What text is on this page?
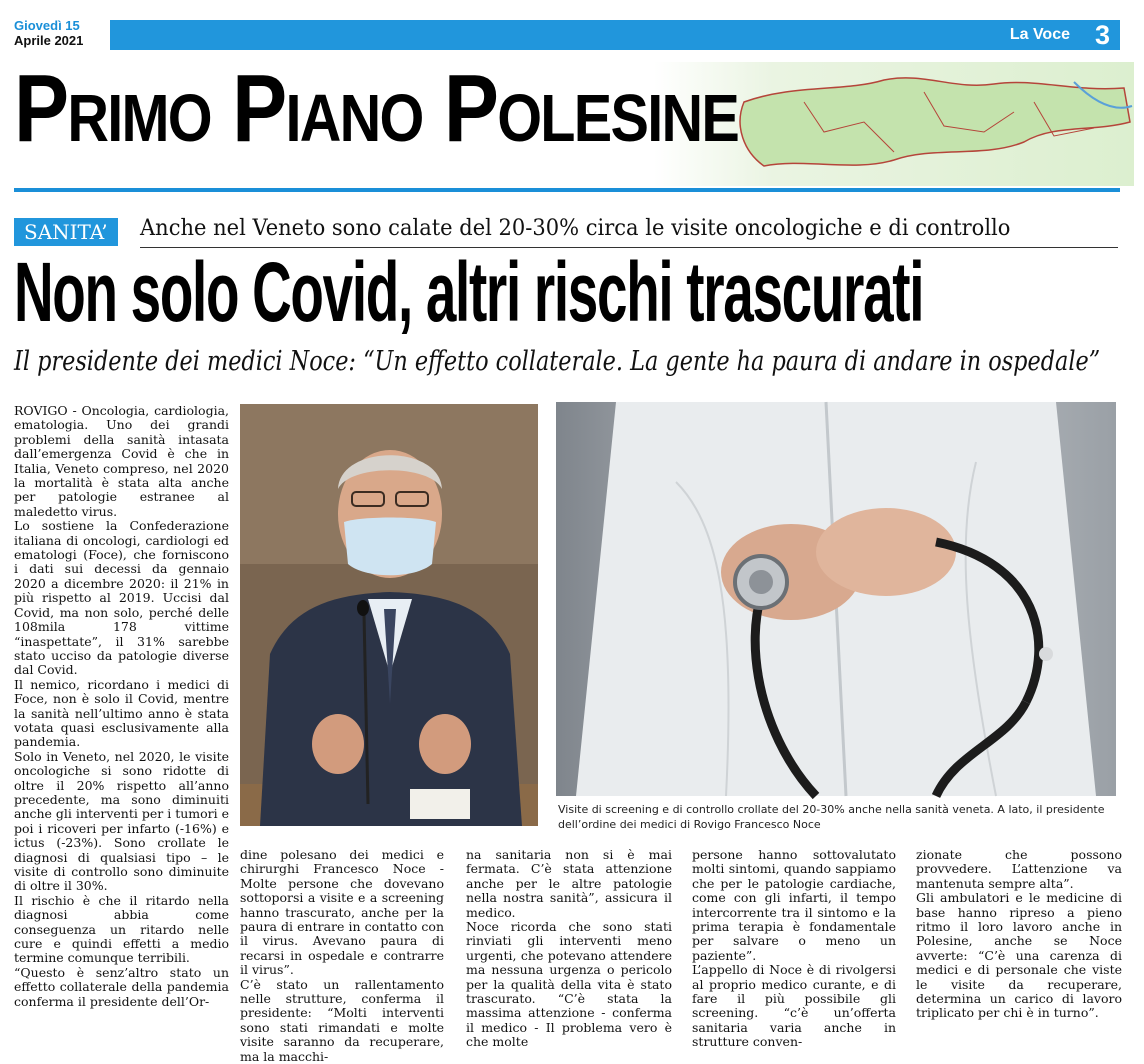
Giovedì 15
Aprile 2021	La Voce 3
Primo Piano Polesine
SANITA’	Anche nel Veneto sono calate del 20-30% circa le visite oncologiche e di controllo
Non solo Covid, altri rischi trascurati
Il presidente dei medici Noce: “Un effetto collaterale. La gente ha paura di andare in ospedale”

ROVIGO - Oncologia, cardiologia, ematologia. Uno dei grandi problemi della sanità intasata dall’emergenza Covid è che in Italia, Veneto compreso, nel 2020 la mortalità è stata alta anche per patologie estranee al maledetto virus.

Lo sostiene la Confederazione italiana di oncologi, cardiologi ed ematologi (Foce), che forniscono i dati sui decessi da gennaio 2020 a dicembre 2020: il 21% in più rispetto al 2019. Uccisi dal Covid, ma non solo, perché delle 108mila 178 vittime “inaspettate”, il 31% sarebbe stato ucciso da patologie diverse dal Covid.

Il nemico, ricordano i medici di Foce, non è solo il Covid, mentre la sanità nell’ultimo anno è stata votata quasi esclusivamente alla pandemia.

Solo in Veneto, nel 2020, le visite oncologiche si sono ridotte di oltre il 20% rispetto all’anno precedente, ma sono diminuiti anche gli interventi per i tumori e poi i ricoveri per infarto (-16%) e ictus (-23%). Sono crollate le diagnosi di qualsiasi tipo – le visite di controllo sono diminuite di oltre il 30%.

Il rischio è che il ritardo nella diagnosi abbia come conseguenza un ritardo nelle cure e quindi effetti a medio termine comunque terribili.

“Questo è senz’altro stato un effetto collaterale della pandemia conferma il presidente dell’Or-

Visite di screening e di controllo crollate del 20-30% anche nella sanità veneta. A lato, il presidente dell’ordine dei medici di Rovigo Francesco Noce

dine polesano dei medici e chirurghi Francesco Noce - Molte persone che dovevano sottoporsi a visite e a screening hanno trascurato, anche per la paura di entrare in contatto con il virus. Avevano paura di recarsi in ospedale e contrarre il virus”.

C’è stato un rallentamento nelle strutture, conferma il presidente: “Molti interventi sono stati rimandati e molte visite saranno da recuperare, ma la macchi-

na sanitaria non si è mai fermata. C’è stata attenzione anche per le altre patologie nella nostra sanità”, assicura il medico.

Noce ricorda che sono stati rinviati gli interventi meno urgenti, che potevano attendere ma nessuna urgenza o pericolo per la qualità della vita è stato trascurato. “C’è stata la massima attenzione - conferma il medico - Il problema vero è che molte

persone hanno sottovalutato molti sintomi, quando sappiamo che per le patologie cardiache, come con gli infarti, il tempo intercorrente tra il sintomo e la prima terapia è fondamentale per salvare o meno un paziente”.

L’appello di Noce è di rivolgersi al proprio medico curante, e di fare il più possibile gli screening. “c’è un’offerta sanitaria varia anche in strutture conven-

zionate che possono provvedere. L’attenzione va mantenuta sempre alta”.

Gli ambulatori e le medicine di base hanno ripreso a pieno ritmo il loro lavoro anche in Polesine, anche se Noce avverte: “C’è una carenza di medici e di personale che viste le visite da recuperare, determina un carico di lavoro triplicato per chi è in turno”.
